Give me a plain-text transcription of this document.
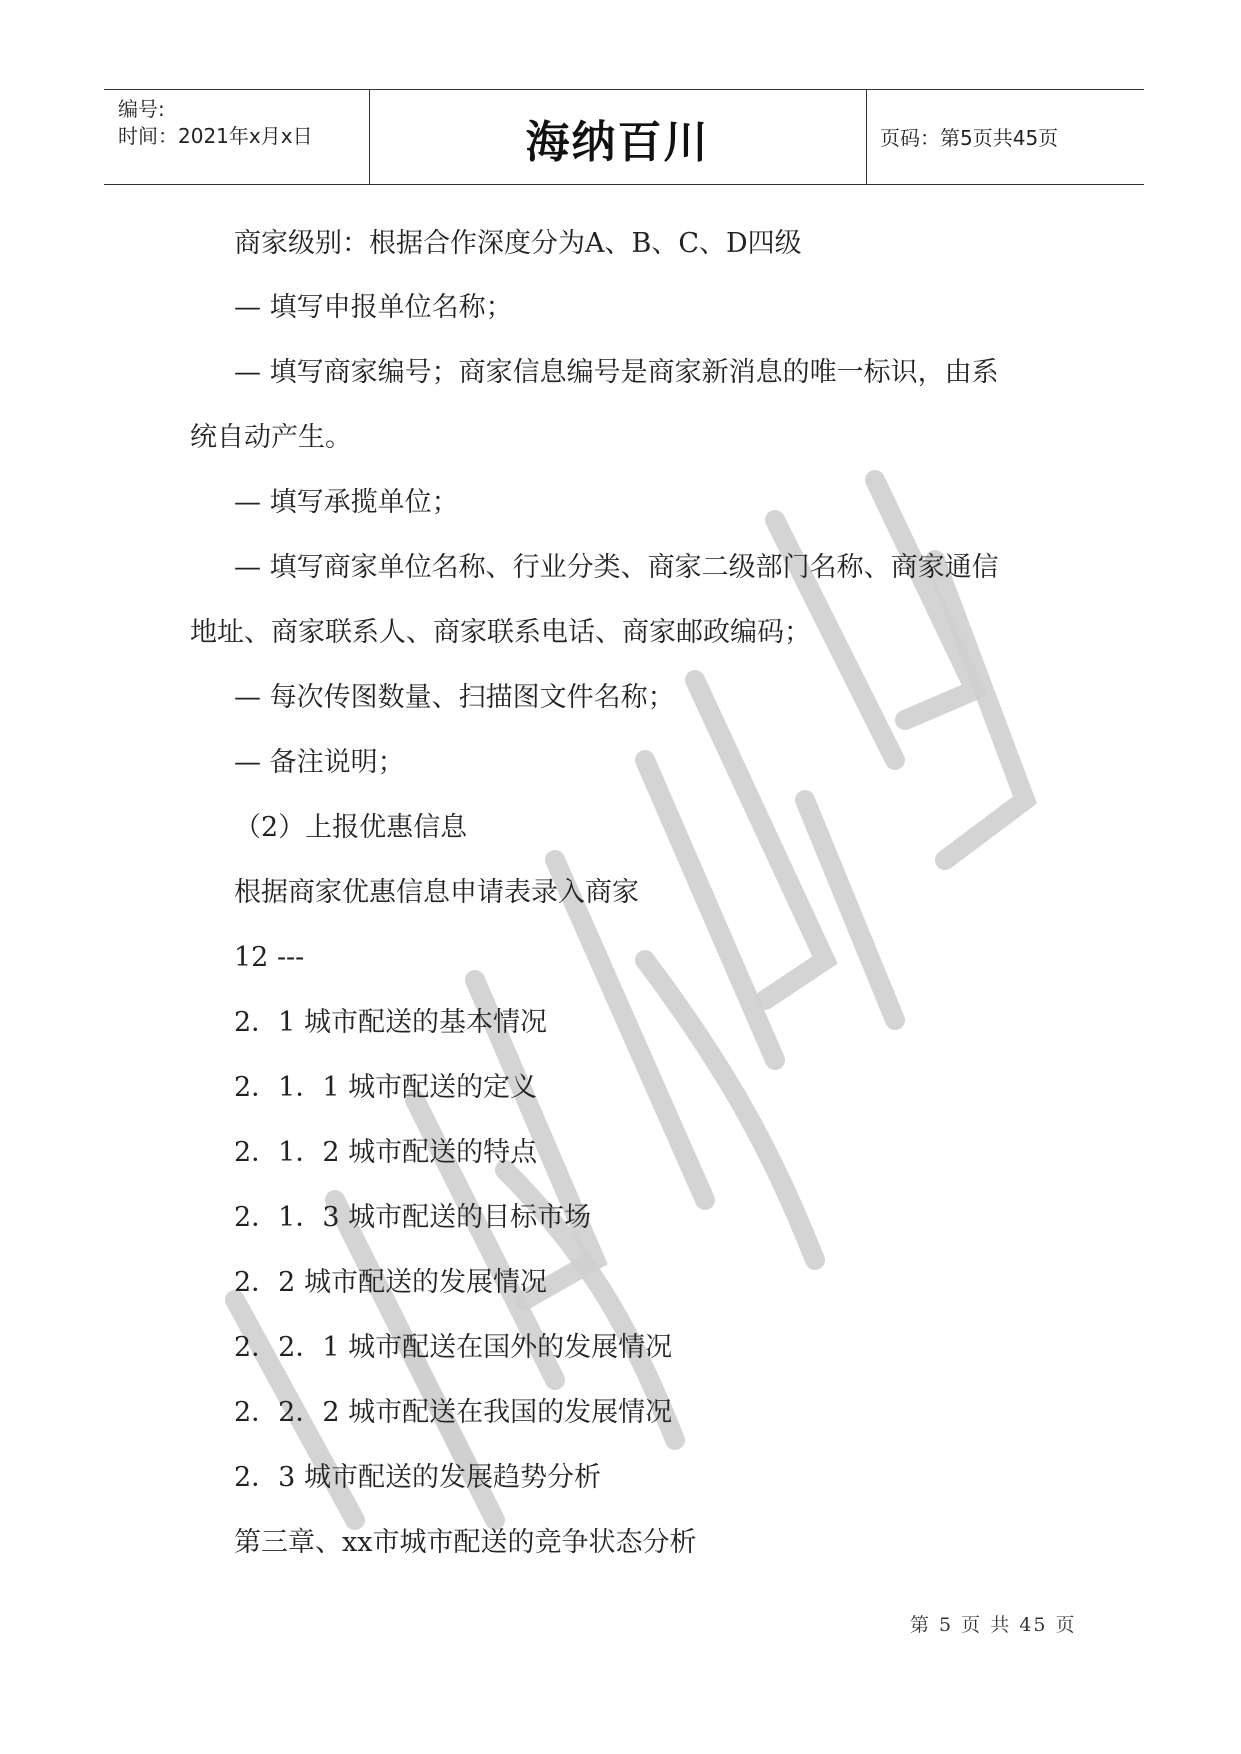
编号:
时间：2021年x月x日	海纳百川	页码：第5页共45页
严禁复制
商家级别：根据合作深度分为A、B、C、D四级
— 填写申报单位名称；
— 填写商家编号；商家信息编号是商家新消息的唯一标识，由系
统自动产生。
— 填写承揽单位；
— 填写商家单位名称、行业分类、商家二级部门名称、商家通信
地址、商家联系人、商家联系电话、商家邮政编码；
— 每次传图数量、扫描图文件名称；
— 备注说明；
（2）上报优惠信息
根据商家优惠信息申请表录入商家
12 ---
2．1 城市配送的基本情况
2．1．1 城市配送的定义
2．1．2 城市配送的特点
2．1．3 城市配送的目标市场
2．2 城市配送的发展情况
2．2．1 城市配送在国外的发展情况
2．2．2 城市配送在我国的发展情况
2．3 城市配送的发展趋势分析
第三章、xx市城市配送的竞争状态分析
第 5 页 共 45 页
